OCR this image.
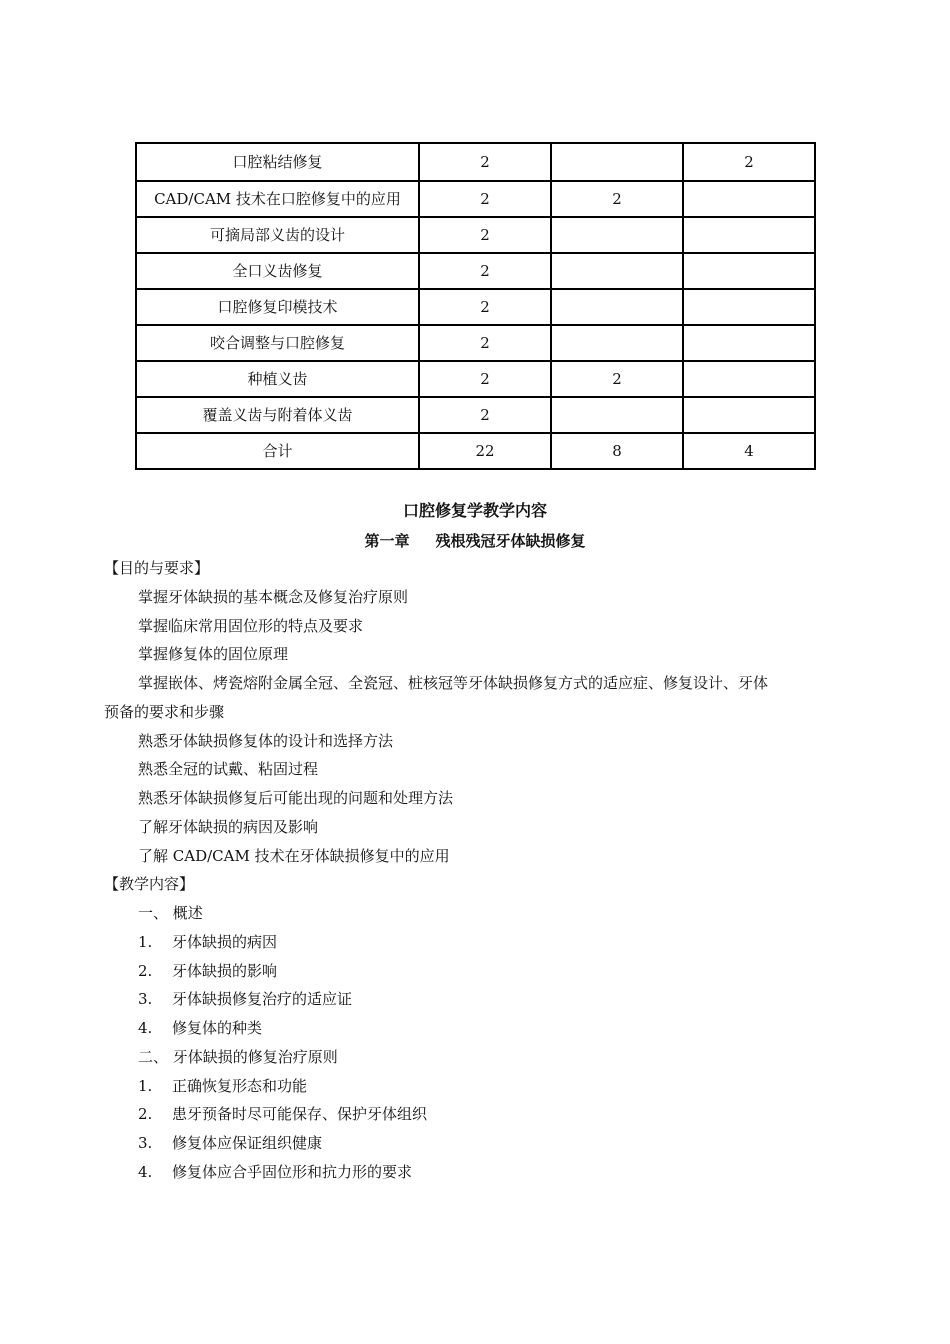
口腔粘结修复	2		2
CAD/CAM 技术在口腔修复中的应用	2	2	
可摘局部义齿的设计	2		
全口义齿修复	2		
口腔修复印模技术	2		
咬合调整与口腔修复	2		
种植义齿	2	2	
覆盖义齿与附着体义齿	2		
合计	22	8	4
口腔修复学教学内容
第一章     残根残冠牙体缺损修复
【目的与要求】
掌握牙体缺损的基本概念及修复治疗原则
掌握临床常用固位形的特点及要求
掌握修复体的固位原理
掌握嵌体、烤瓷熔附金属全冠、全瓷冠、桩核冠等牙体缺损修复方式的适应症、修复设计、牙体
预备的要求和步骤
熟悉牙体缺损修复体的设计和选择方法
熟悉全冠的试戴、粘固过程
熟悉牙体缺损修复后可能出现的问题和处理方法
了解牙体缺损的病因及影响
了解 CAD/CAM 技术在牙体缺损修复中的应用
【教学内容】
一、 概述
1. 牙体缺损的病因
2. 牙体缺损的影响
3. 牙体缺损修复治疗的适应证
4. 修复体的种类
二、 牙体缺损的修复治疗原则
1. 正确恢复形态和功能
2. 患牙预备时尽可能保存、保护牙体组织
3. 修复体应保证组织健康
4. 修复体应合乎固位形和抗力形的要求
